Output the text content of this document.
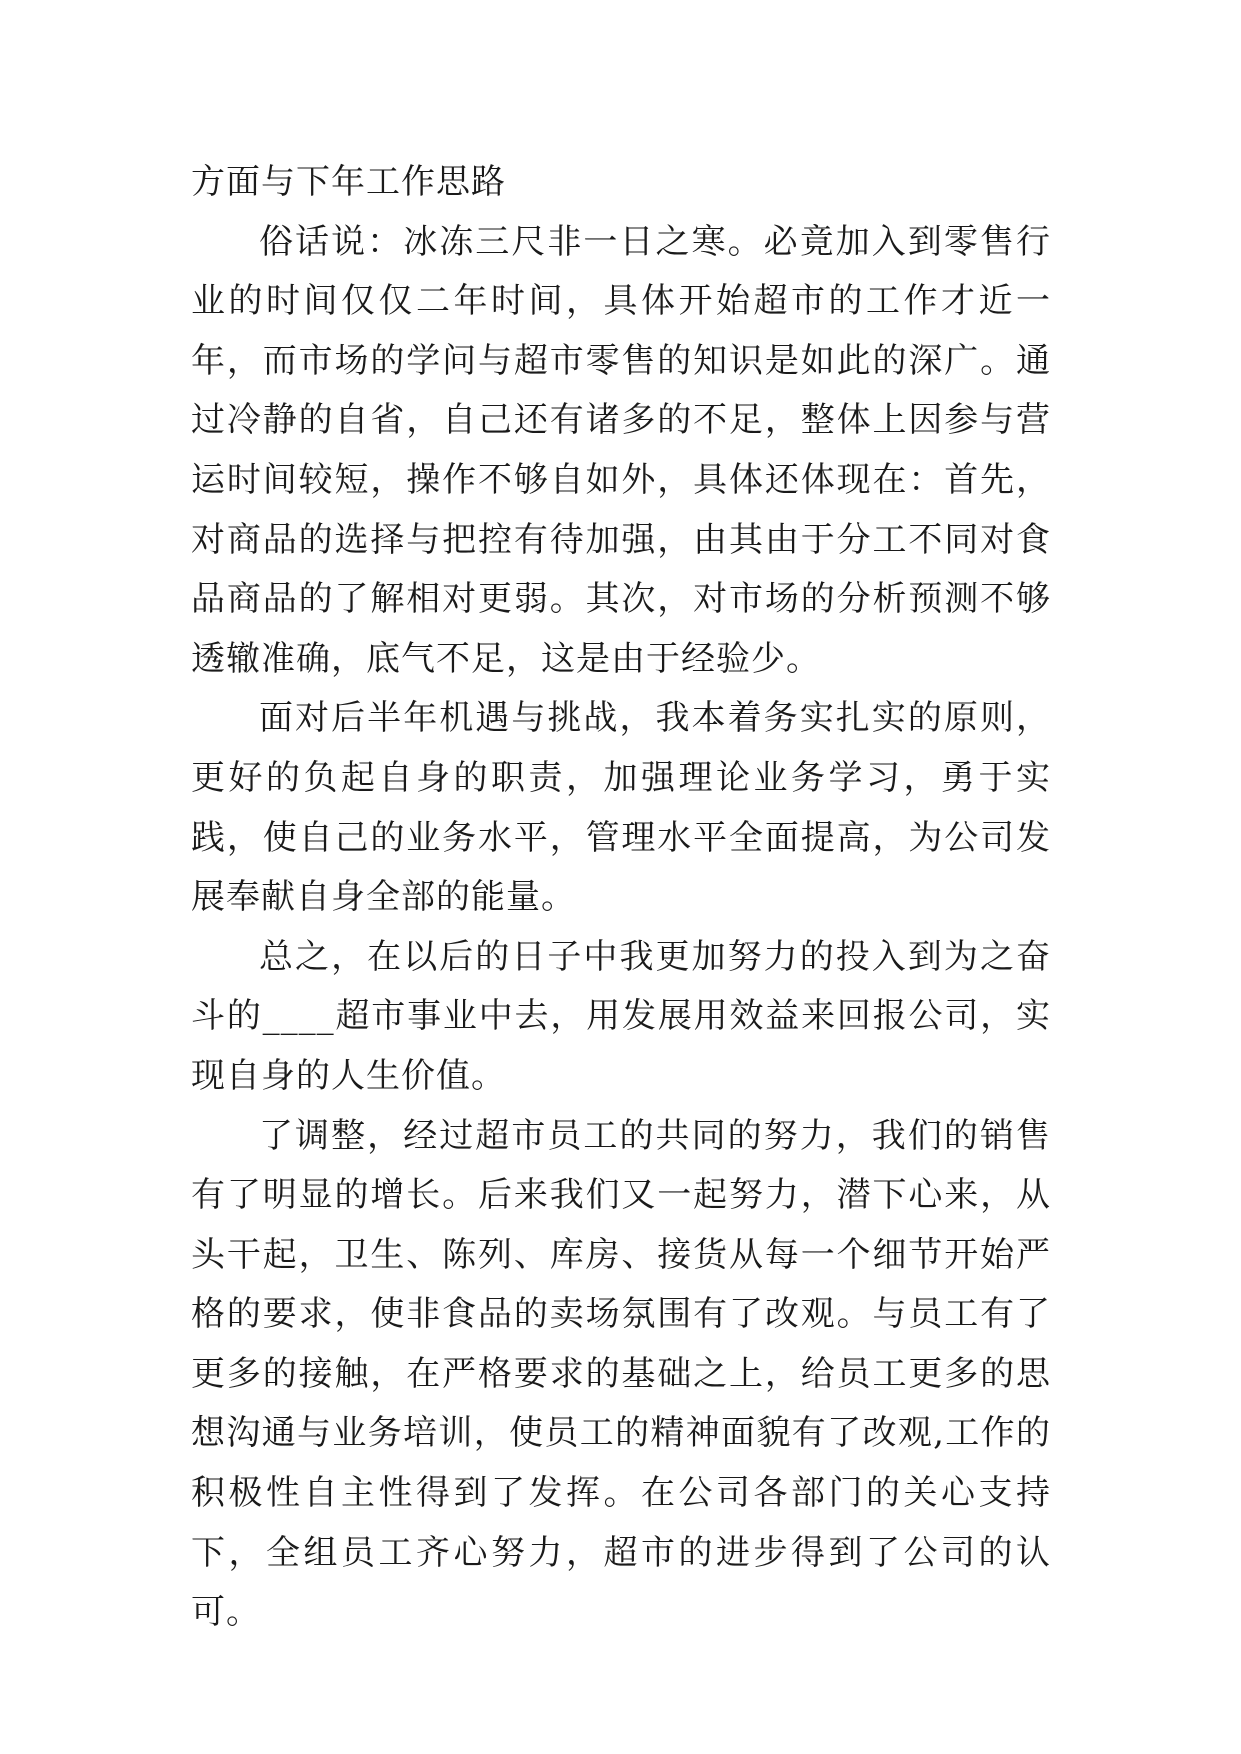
方面与下年工作思路

俗话说：冰冻三尺非一日之寒。必竟加入到零售行业的时间仅仅二年时间，具体开始超市的工作才近一年，而市场的学问与超市零售的知识是如此的深广。通过冷静的自省，自己还有诸多的不足，整体上因参与营运时间较短，操作不够自如外，具体还体现在：首先，对商品的选择与把控有待加强，由其由于分工不同对食品商品的了解相对更弱。其次，对市场的分析预测不够透辙准确，底气不足，这是由于经验少。

面对后半年机遇与挑战，我本着务实扎实的原则，更好的负起自身的职责，加强理论业务学习，勇于实践，使自己的业务水平，管理水平全面提高，为公司发展奉献自身全部的能量。

总之，在以后的日子中我更加努力的投入到为之奋斗的____超市事业中去，用发展用效益来回报公司，实现自身的人生价值。

了调整，经过超市员工的共同的努力，我们的销售有了明显的增长。后来我们又一起努力，潜下心来，从头干起，卫生、陈列、库房、接货从每一个细节开始严格的要求，使非食品的卖场氛围有了改观。与员工有了更多的接触，在严格要求的基础之上，给员工更多的思想沟通与业务培训，使员工的精神面貌有了改观,工作的积极性自主性得到了发挥。在公司各部门的关心支持下，全组员工齐心努力，超市的进步得到了公司的认可。
